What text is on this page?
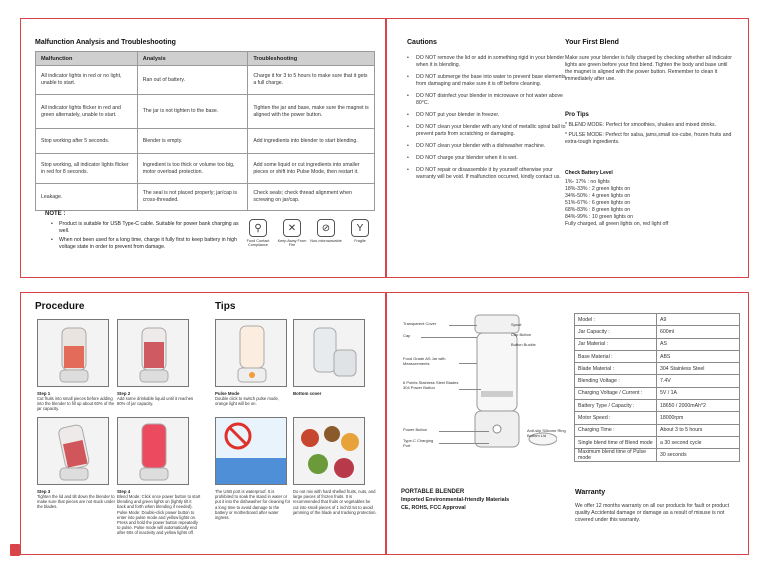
Malfunction Analysis and Troubleshooting
Malfunction	Analysis	Troubleshooting
All indicator lights in red or no light, unable to start.	Ran out of battery.	Charge it for 3 to 5 hours to make sure that it gets a full charge.
All indicator lights flicker in red and green alternately, unable to start.	The jar is not tighten to the base.	Tighten the jar and base, make sure the magnet is aligned with the power button.
Stop working after 5 seconds.	Blender is empty.	Add ingredients into blender to start blending.
Stop working, all indicator lights flicker in red for 8 seconds.	Ingredient is too thick or volume too big, motor overload protection.	Add some liquid or cut ingredients into smaller pieces or shift into Pulse Mode, then restart it.
Leakage.	The seal is not placed properly; jar/cap is cross-threaded.	Check seals; check thread alignment when screwing on jar/cap.
NOTE :
• Product is suitable for USB Type-C cable. Suitable for power bank charging as well.
• When not been used for a long time, charge it fully first to keep battery in high voltage state in order to prevent from damage.
⚲
Food Contact Compliance
✕
Keep Away From Fire
⊘
Non-microwavable
Y
Fragile
Cautions
• DO NOT remove the lid or add in something rigid in your blender when it is blending.
• DO NOT submerge the base into water to prevent base elements from damaging and make sure it is off before cleaning.
• DO NOT disinfect your blender in microwave or hot water above 80°C.
• DO NOT put your blender in freezer.
• DO NOT clean your blender with any kind of metallic spiral ball to prevent parts from scratching or damaging.
• DO NOT clean your blender with a dishwasher machine.
• DO NOT charge your blender when it is wet.
• DO NOT repair or disassemble it by yourself otherwise your warranty will be void. If malfunction occurred, kindly contact us.
Your First Blend
Make sure your blender is fully charged by checking whether all indicator lights are green before your first blend. Tighten the body and base until the magnet is aligned with the power button. Remember to clean it immediately after use.
Pro Tips
* BLEND MODE: Perfect for smoothies, shakes and mixed drinks.
* PULSE MODE: Perfect for salsa, jams,small ice-cube, frozen fruits and extra-tough ingredients.
Check Battery Level
1%- 17% : no lights
18%-33% : 2 green lights on
34%-50% : 4 green lights on
51%-67% : 6 green lights on
68%-83% : 8 green lights on
84%-99% : 10 green lights on
Fully charged, all green lights on, red light off
Procedure	Tips
Step 1
Cut fruits into small pieces before adding into the blender to fill up about 60% of the jar capacity.
Step 2
Add some drinkable liquid until it reaches 80% of jar capacity.
Step 3
Tighten the lid and tilt down the blender to make sure that pieces are not stuck under the blades.
Step 4
Blend Mode: Click once power button to start blending and green lights on (lightly tilt it back and forth when blending if needed). Pulse Mode: Double-click power button to enter into pulse mode and yellow lights on. Press and hold the power button repeatedly to pulse. Pulse mode will automatically end after 60s of inactivity and yellow lights off.
Pulse Mode
Double click to switch pulse mode, orange light will be on.
Bottom cover
The USB port is waterproof. It is prohibited to soak the stand in water or put it into the dishwasher for cleaning for a long time to avoid damage to the battery or motherboard after water ingress.
Do not mix with hard shelled fruits, nuts, and large pieces of frozen fruits. It is recommended that fruits or vegetables be cut into small pieces of 1 inch/2.54 to avoid jamming of the blade and tracking protection.
Transparent Cover
Cap
Food Grade AS Jar with Measurements
6 Points Stainless Steel Blades 304 Power Button
Power Button
Type-C Charging Port
Spout
Cap Button
Button Buckle
Anti-slip Silicone Ring Bottom Lid
Model :	A9
Jar Capacity :	600ml
Jar Material :	AS
Base Material :	ABS
Blade Material :	304 Stainless Steel
Blending Voltage :	7.4V
Charging Voltage / Current :	5V / 1A
Battery Type / Capacity :	18650 / 2000mAh*2
Motor Speed :	18000rpm
Charging Time :	About 3 to 5 hours
Single blend time of Blend mode	a 30 second cycle
Maximum blend time of Pulse mode	30 seconds
PORTABLE BLENDER
Imported Environmental-friendly Materials
CE, ROHS, FCC Approval
Warranty
We offer 12 months warranty on all our products for fault or product quality Accidental damage or damage as a result of misuse is not covered under this warranty.
